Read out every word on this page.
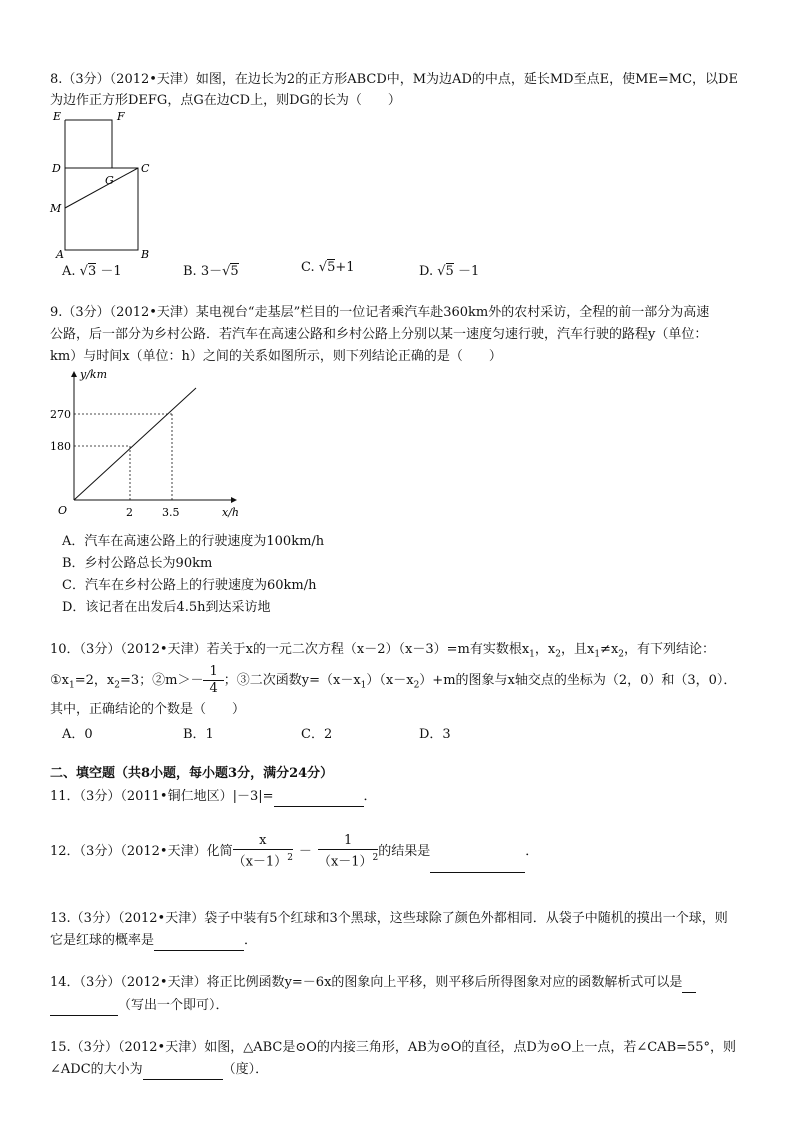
8.（3分）（2012•天津）如图，在边长为2的正方形ABCD中，M为边AD的中点，延长MD至点E，使ME=MC，以DE
为边作正方形DEFG，点G在边CD上，则DG的长为（　　）
E	F
D	C
G
M
A	B
A. √3 －1	B. 3－√5	C. √5+1	D. √5 －1
9.（3分）（2012•天津）某电视台“走基层”栏目的一位记者乘汽车赴360km外的农村采访，全程的前一部分为高速
公路，后一部分为乡村公路．若汽车在高速公路和乡村公路上分别以某一速度匀速行驶，汽车行驶的路程y（单位：
km）与时间x（单位：h）之间的关系如图所示，则下列结论正确的是（　　）
y/km
x/h
O
270
180
2	3.5
A．汽车在高速公路上的行驶速度为100km/h
B．乡村公路总长为90km
C．汽车在乡村公路上的行驶速度为60km/h
D．该记者在出发后4.5h到达采访地
10．（3分）（2012•天津）若关于x的一元二次方程（x－2）（x－3）=m有实数根$x_1$，$x_2$，且$x_1\ne x_2$，有下列结论：
$①x_1=2$，$x_2=3$；②m＞－ $\frac{1}{4}$ ；③二次函数$y=(x-x_1)(x-x_2)+m$的图象与x轴交点的坐标为（2，0）和（3，0）．
其中，正确结论的个数是（　　）
A．0	B．1	C．2	D．3
二、填空题（共8小题，每小题3分，满分24分）
11．（3分）（2011•铜仁地区）|－3|=	．
12．（3分）（2012•天津）化简 $\frac{x}{(x-1)^2} - \frac{1}{(x-1)^2}$ 的结果是	．
13.（3分）（2012•天津）袋子中装有5个红球和3个黑球，这些球除了颜色外都相同．从袋子中随机的摸出一个球，则
它是红球的概率是	．
14．（3分）（2012•天津）将正比例函数y=－6x的图象向上平移，则平移后所得图象对应的函数解析式可以是
（写出一个即可）．
15.（3分）（2012•天津）如图，△ABC是⊙O的内接三角形，AB为⊙O的直径，点D为⊙O上一点，若∠CAB=55°，则
∠ADC的大小为	（度）．
